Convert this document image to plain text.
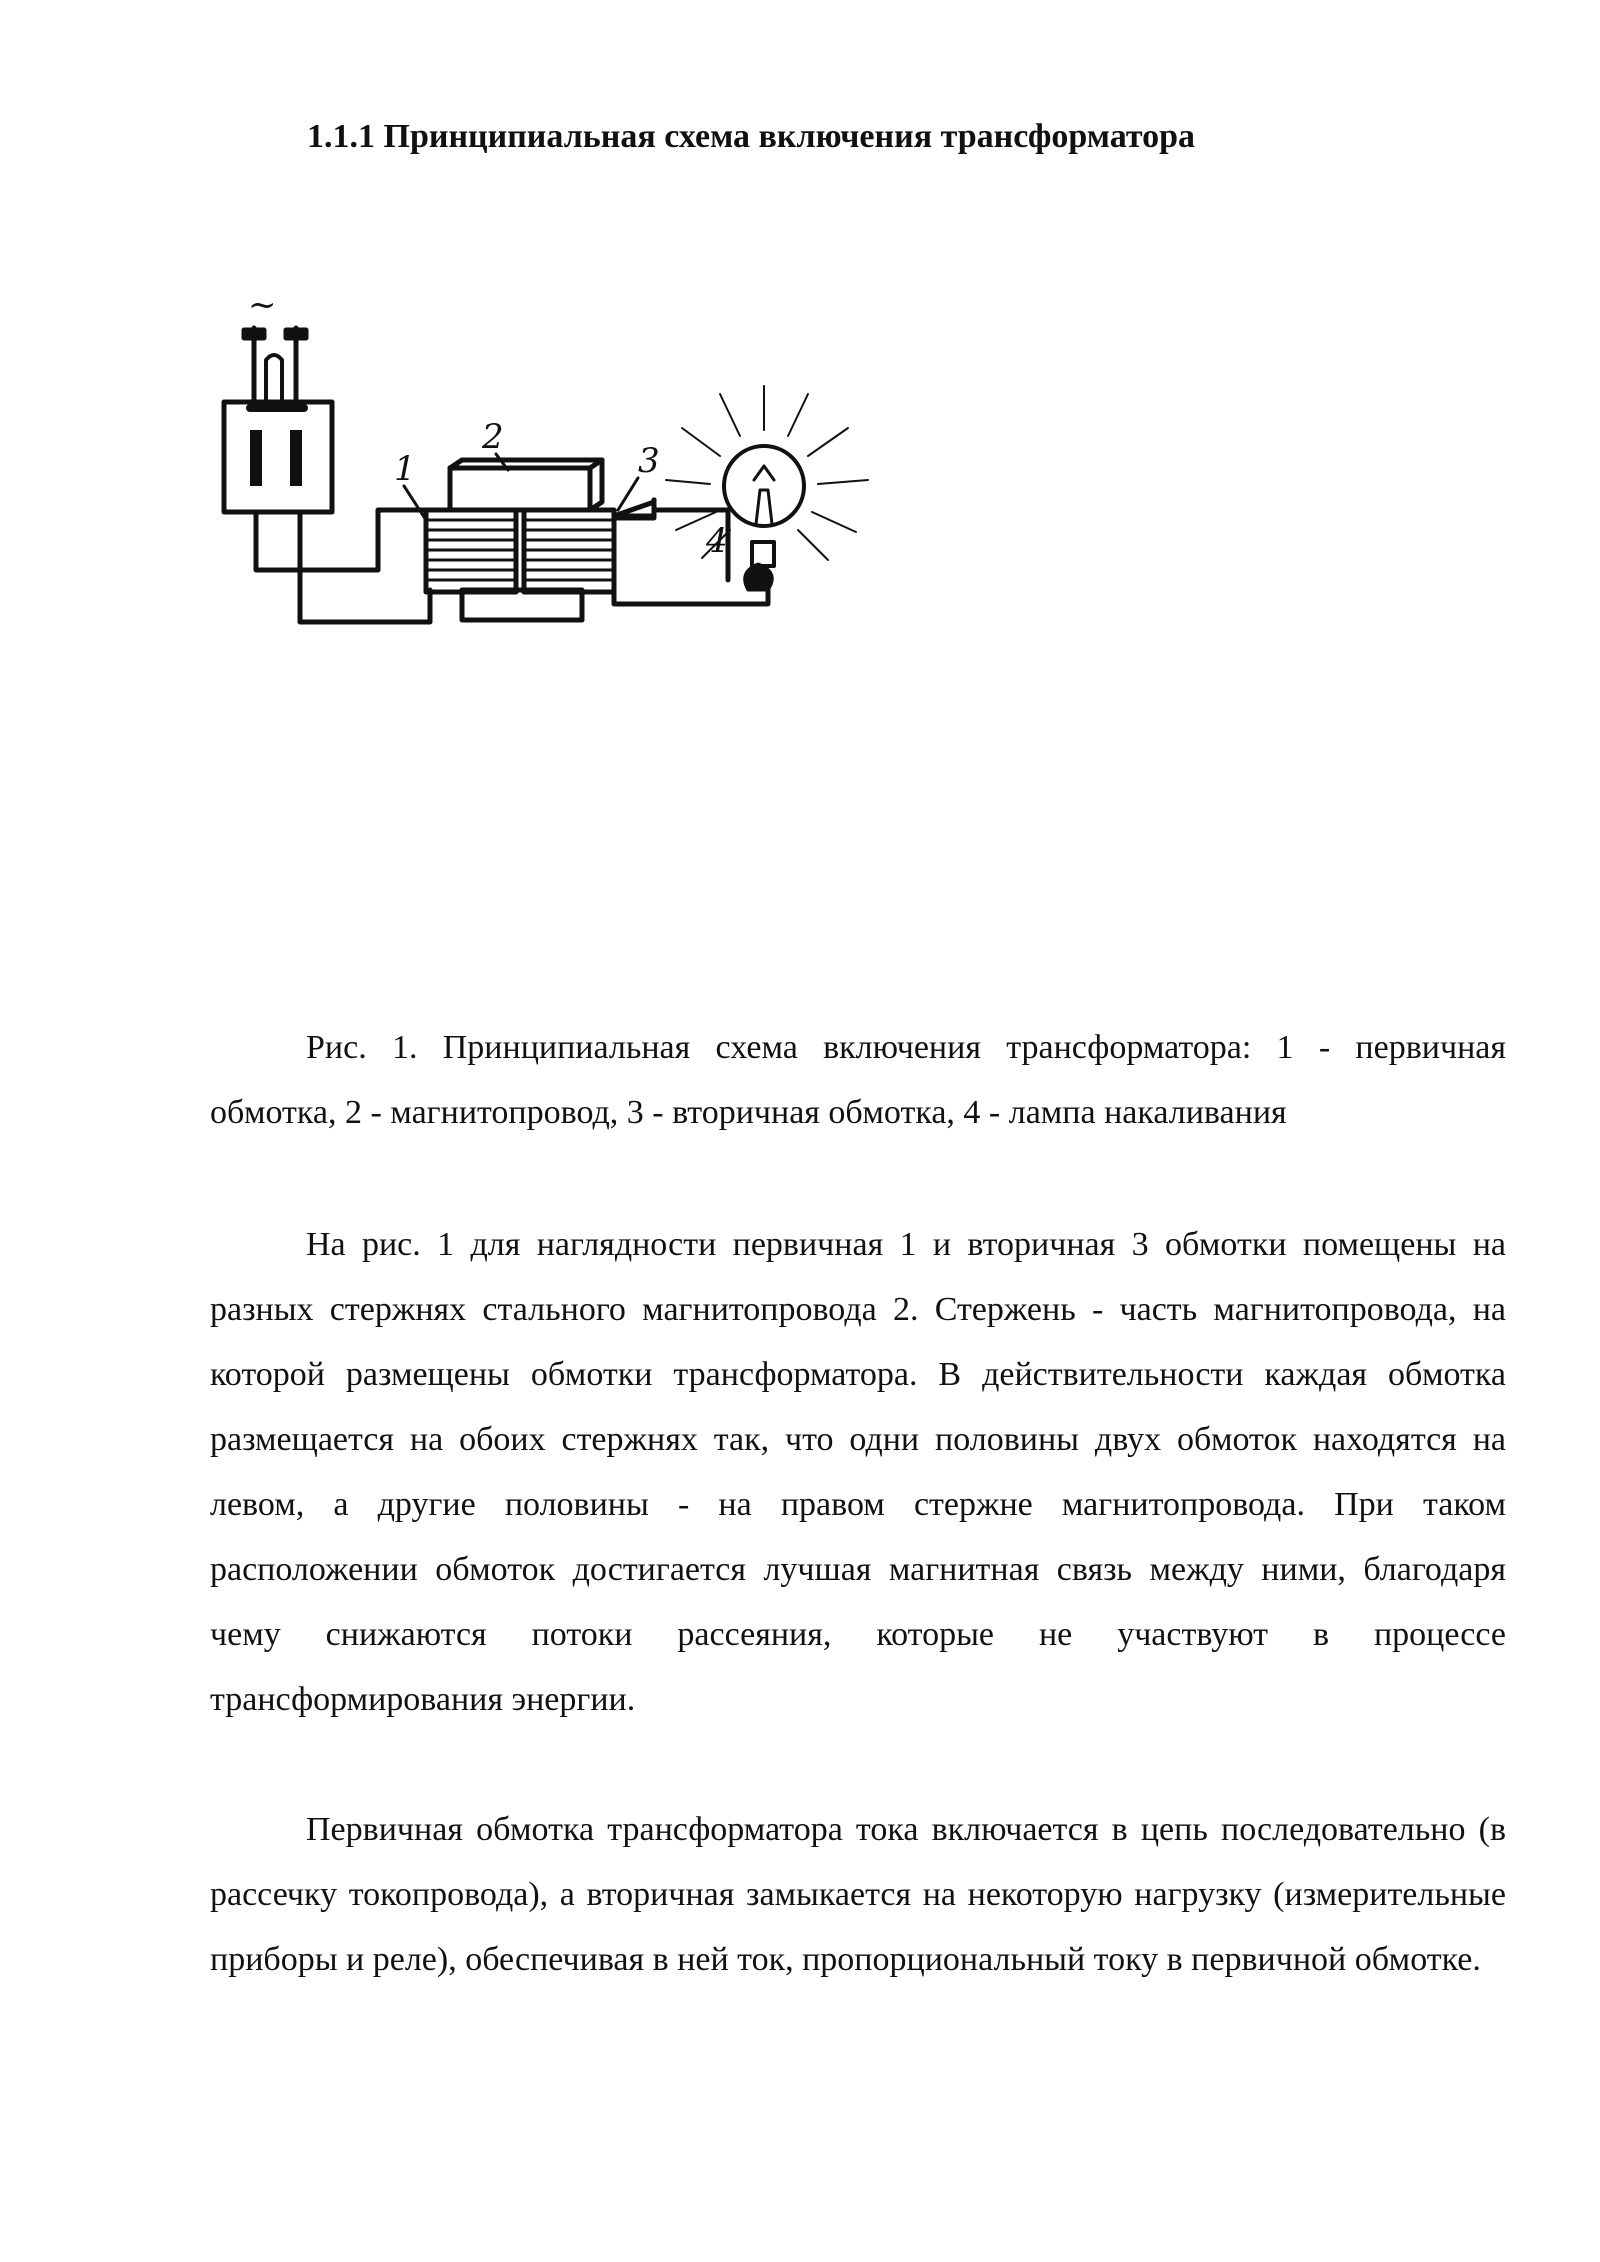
1.1.1 Принципиальная схема включения трансформатора
~
1
2
3
4

Рис. 1. Принципиальная схема включения трансформатора: 1 - первичная обмотка, 2 - магнитопровод, 3 - вторичная обмотка, 4 - лампа накаливания

На рис. 1 для наглядности первичная 1 и вторичная 3 обмотки помещены на разных стержнях стального магнитопровода 2. Стержень - часть магнитопровода, на которой размещены обмотки трансформатора. В действительности каждая обмотка размещается на обоих стержнях так, что одни половины двух обмоток находятся на левом, а другие половины - на правом стержне магнитопровода. При таком расположении обмоток достигается лучшая магнитная связь между ними, благодаря чему снижаются потоки рассеяния, которые не участвуют в процессе трансформирования энергии.

Первичная обмотка трансформатора тока включается в цепь последовательно (в рассечку токопровода), а вторичная замыкается на некоторую нагрузку (измерительные приборы и реле), обеспечивая в ней ток, пропорциональный току в первичной обмотке.
